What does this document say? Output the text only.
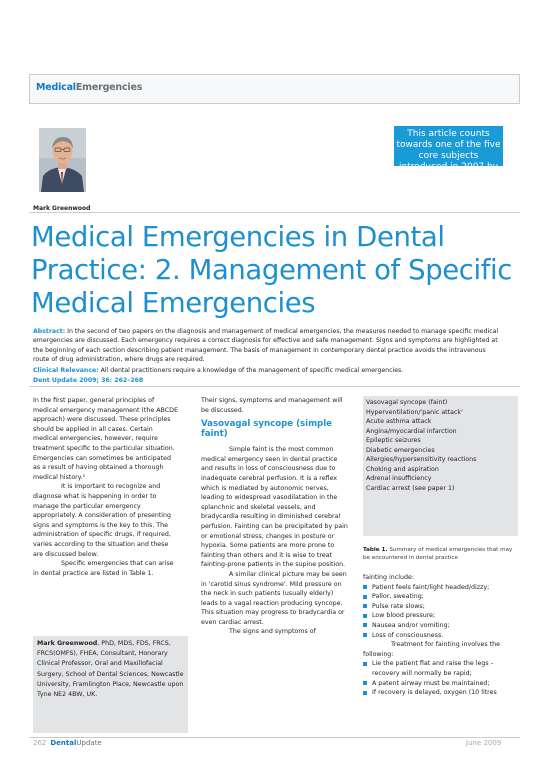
MedicalEmergencies
This article counts towards one of the five core subjects introduced in 2007 by the GDC.
Mark Greenwood
Medical Emergencies in Dental Practice: 2. Management of Specific Medical Emergencies

Abstract: In the second of two papers on the diagnosis and management of medical emergencies, the measures needed to manage specific medical emergencies are discussed. Each emergency requires a correct diagnosis for effective and safe management. Signs and symptoms are highlighted at the beginning of each section describing patient management. The basis of management in contemporary dental practice avoids the intravenous route of drug administration, where drugs are required.

Clinical Relevance: All dental practitioners require a knowledge of the management of specific medical emergencies.

Dent Update 2009; 36: 262–268

In the first paper, general principles of medical emergency management (the ABCDE approach) were discussed. These principles should be applied in all cases. Certain medical emergencies, however, require treatment specific to the particular situation. Emergencies can sometimes be anticipated as a result of having obtained a thorough medical history.¹

It is important to recognize and diagnose what is happening in order to manage the particular emergency appropriately. A consideration of presenting signs and symptoms is the key to this. The administration of specific drugs, if required, varies according to the situation and these are discussed below.

Specific emergencies that can arise in dental practice are listed in Table 1.

Mark Greenwood, PhD, MDS, FDS, FRCS, FRCS(OMFS), FHEA, Consultant, Honorary Clinical Professor, Oral and Maxillofacial Surgery, School of Dental Sciences, Newcastle University, Framlington Place, Newcastle upon Tyne NE2 4BW, UK.

Their signs, symptoms and management will be discussed.

Vasovagal syncope (simple faint)

Simple faint is the most common medical emergency seen in dental practice and results in loss of consciousness due to inadequate cerebral perfusion. It is a reflex which is mediated by autonomic nerves, leading to widespread vasodilatation in the splanchnic and skeletal vessels, and bradycardia resulting in diminished cerebral perfusion. Fainting can be precipitated by pain or emotional stress, changes in posture or hypoxia. Some patients are more prone to fainting than others and it is wise to treat fainting-prone patients in the supine position.

A similar clinical picture may be seen in 'carotid sinus syndrome'. Mild pressure on the neck in such patients (usually elderly) leads to a vagal reaction producing syncope. This situation may progress to bradycardia or even cardiac arrest.

The signs and symptoms of

Vasovagal syncope (faint)
Hyperventilation/'panic attack'
Acute asthma attack
Angina/myocardial infarction
Epileptic seizures
Diabetic emergencies
Allergies/hypersensitivity reactions
Choking and aspiration
Adrenal insufficiency
Cardiac arrest (see paper 1)
Table 1. Summary of medical emergencies that may be encountered in dental practice

fainting include:

Patient feels faint/light headed/dizzy;
Pallor, sweating;
Pulse rate slows;
Low blood pressure;
Nausea and/or vomiting;
Loss of consciousness.

Treatment for fainting involves the following:

Lie the patient flat and raise the legs – recovery will normally be rapid;
A patent airway must be maintained;
If recovery is delayed, oxygen (10 litres
262 DentalUpdate	June 2009
